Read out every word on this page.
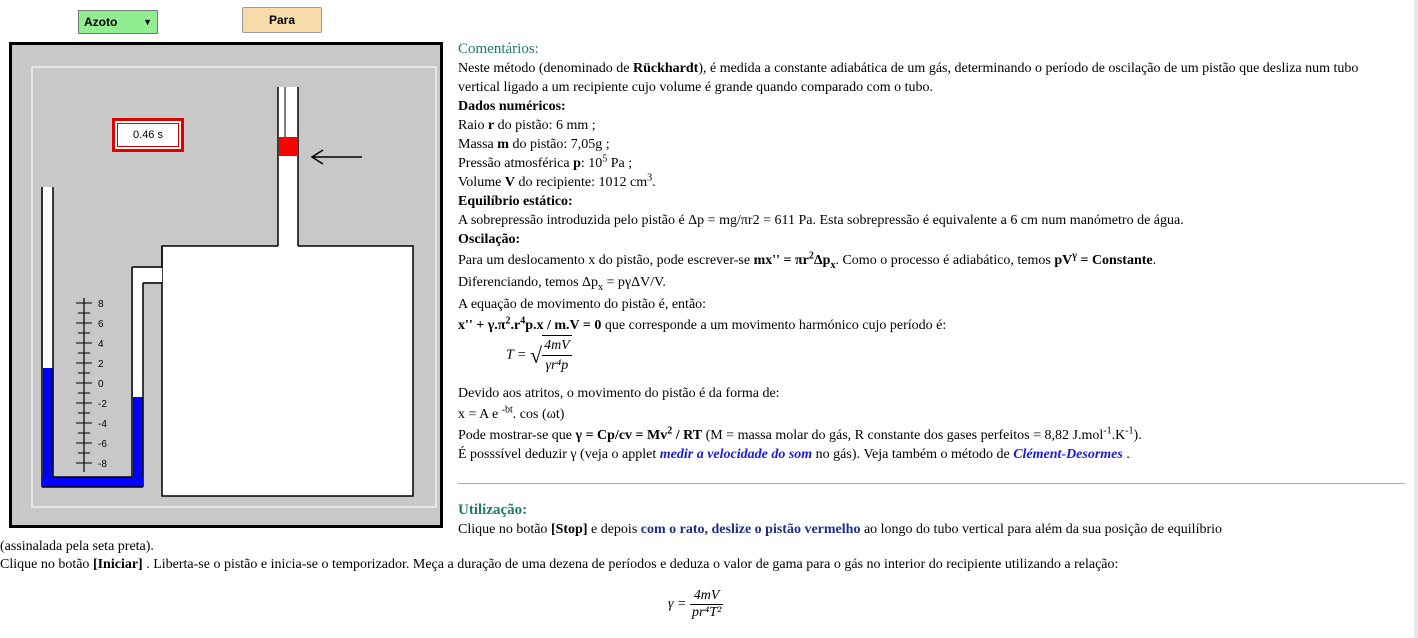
Azoto	▼	Para
8
6
4
2
0
-2
-4
-6
-8
0.46 s
Comentários:
Neste método (denominado de Rückhardt), é medida a constante adiabática de um gás, determinando o período de oscilação de um pistão que desliza num tubo vertical ligado a um recipiente cujo volume é grande quando comparado com o tubo.
Dados numéricos:
Raio r do pistão: 6 mm ;
Massa m do pistão: 7,05g ;
Pressão atmosférica p: $10^5$ Pa ;
Volume V do recipiente: 1012 $cm^3$.
Equilíbrio estático:
A sobrepressão introduzida pelo pistão é Δp = mg/πr2 = 611 Pa. Esta sobrepressão é equivalente a 6 cm num manómetro de água.
Oscilação:
Para um deslocamento x do pistão, pode escrever-se $mx'' = \pi r^2\Delta p_x$. Como o processo é adiabático, temos $pV^\gamma$ = Constante.
Diferenciando, temos $\Delta p_x = p\gamma\Delta V/V$.
A equação de movimento do pistão é, então:
$x'' + \gamma.\pi^2.r^4p.x / m.V = 0$ que corresponde a um movimento harmónico cujo período é:
T = √ $\frac{4mV}{\text{γr⁴p}}$
Devido aos atritos, o movimento do pistão é da forma de:
x = A e $^{-bt}$. cos (ωt)
Pode mostrar-se que $\gamma = Cp/cv = Mv^2$ / RT (M = massa molar do gás, R constante dos gases perfeitos = 8,82 $J.mol^{-1}.K^{-1}$).
É posssível deduzir γ (veja o applet medir a velocidade do som no gás). Veja também o método de Clément-Desormes .
Utilização:
Clique no botão [Stop] e depois com o rato, deslize o pistão vermelho ao longo do tubo vertical para além da sua posição de equilíbrio
(assinalada pela seta preta).
Clique no botão [Iniciar] . Liberta-se o pistão e inicia-se o temporizador. Meça a duração de uma dezena de períodos e deduza o valor de gama para o gás no interior do recipiente utilizando a relação:
$\gamma = \frac{4mV}{\text{pr⁴T²}}$
